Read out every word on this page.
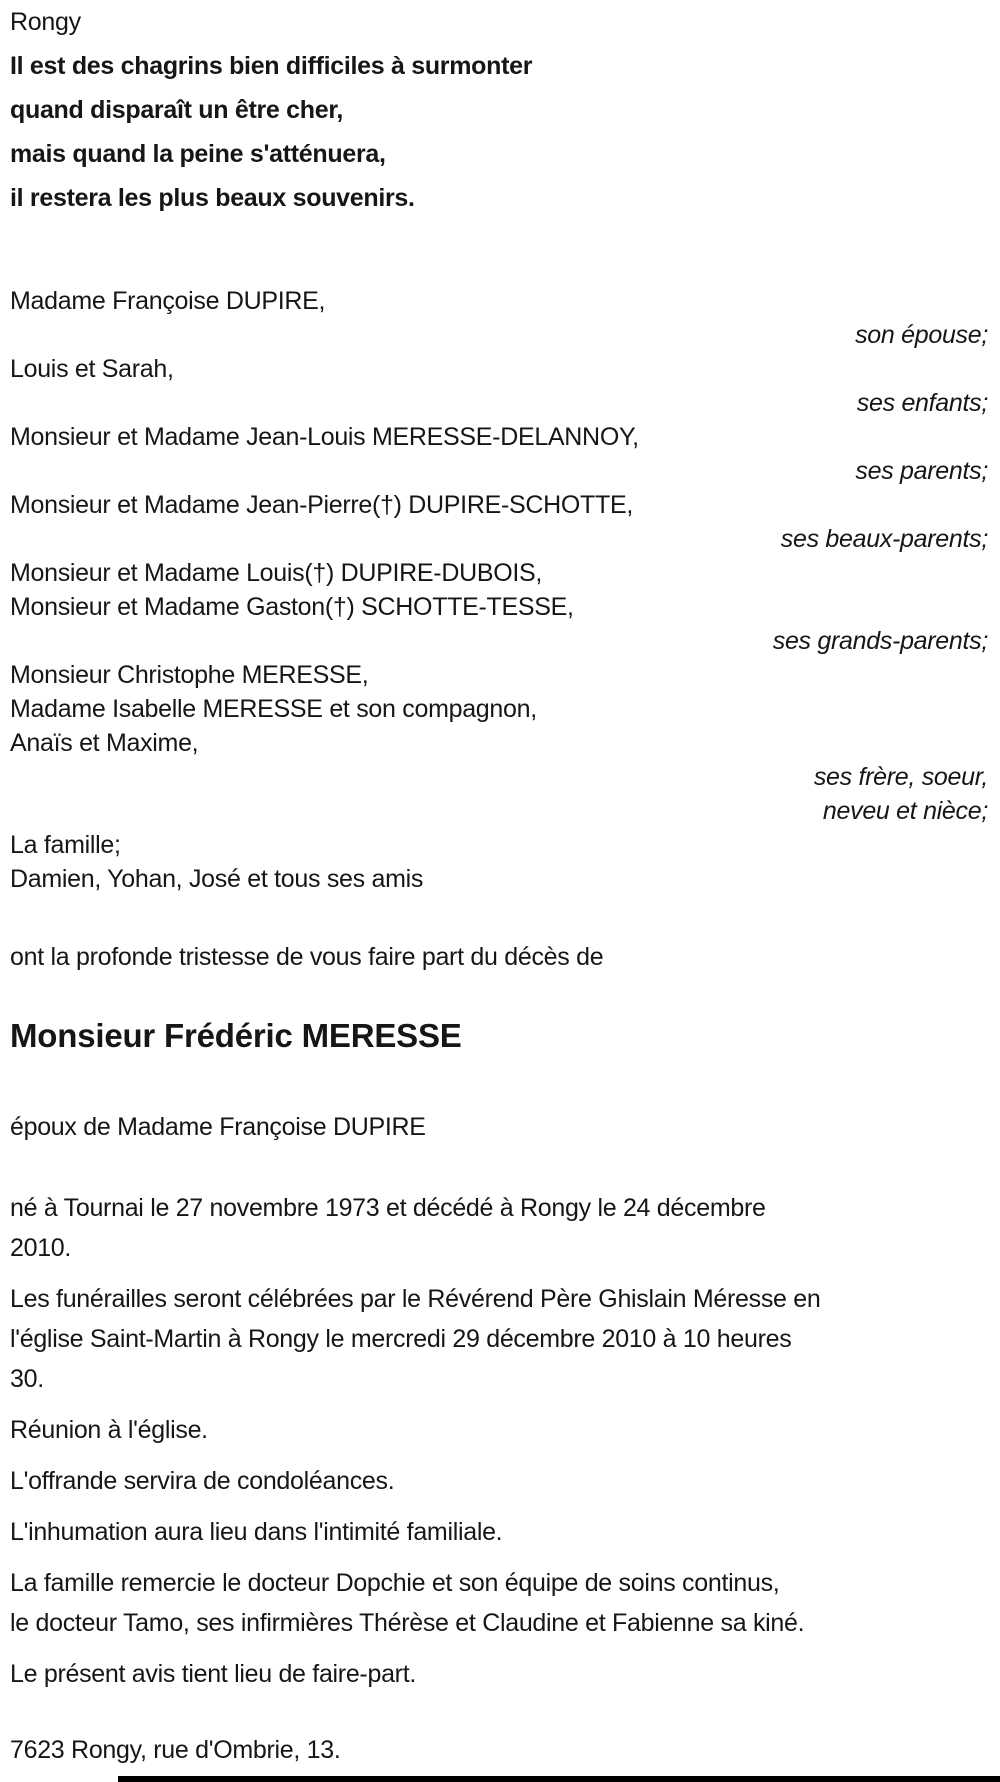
Rongy
Il est des chagrins bien difficiles à surmonter
quand disparaît un être cher,
mais quand la peine s'atténuera,
il restera les plus beaux souvenirs.
Madame Françoise DUPIRE,
son épouse;
Louis et Sarah,
ses enfants;
Monsieur et Madame Jean-Louis MERESSE-DELANNOY,
ses parents;
Monsieur et Madame Jean-Pierre(†) DUPIRE-SCHOTTE,
ses beaux-parents;
Monsieur et Madame Louis(†) DUPIRE-DUBOIS,
Monsieur et Madame Gaston(†) SCHOTTE-TESSE,
ses grands-parents;
Monsieur Christophe MERESSE,
Madame Isabelle MERESSE et son compagnon,
Anaïs et Maxime,
ses frère, soeur,
neveu et nièce;
La famille;
Damien, Yohan, José et tous ses amis
ont la profonde tristesse de vous faire part du décès de
Monsieur Frédéric MERESSE
époux de Madame Françoise DUPIRE
né à Tournai le 27 novembre 1973 et décédé à Rongy le 24 décembre
2010.
Les funérailles seront célébrées par le Révérend Père Ghislain Méresse en
l'église Saint-Martin à Rongy le mercredi 29 décembre 2010 à 10 heures
30.
Réunion à l'église.
L'offrande servira de condoléances.
L'inhumation aura lieu dans l'intimité familiale.
La famille remercie le docteur Dopchie et son équipe de soins continus,
le docteur Tamo, ses infirmières Thérèse et Claudine et Fabienne sa kiné.
Le présent avis tient lieu de faire-part.
7623 Rongy, rue d'Ombrie, 13.
